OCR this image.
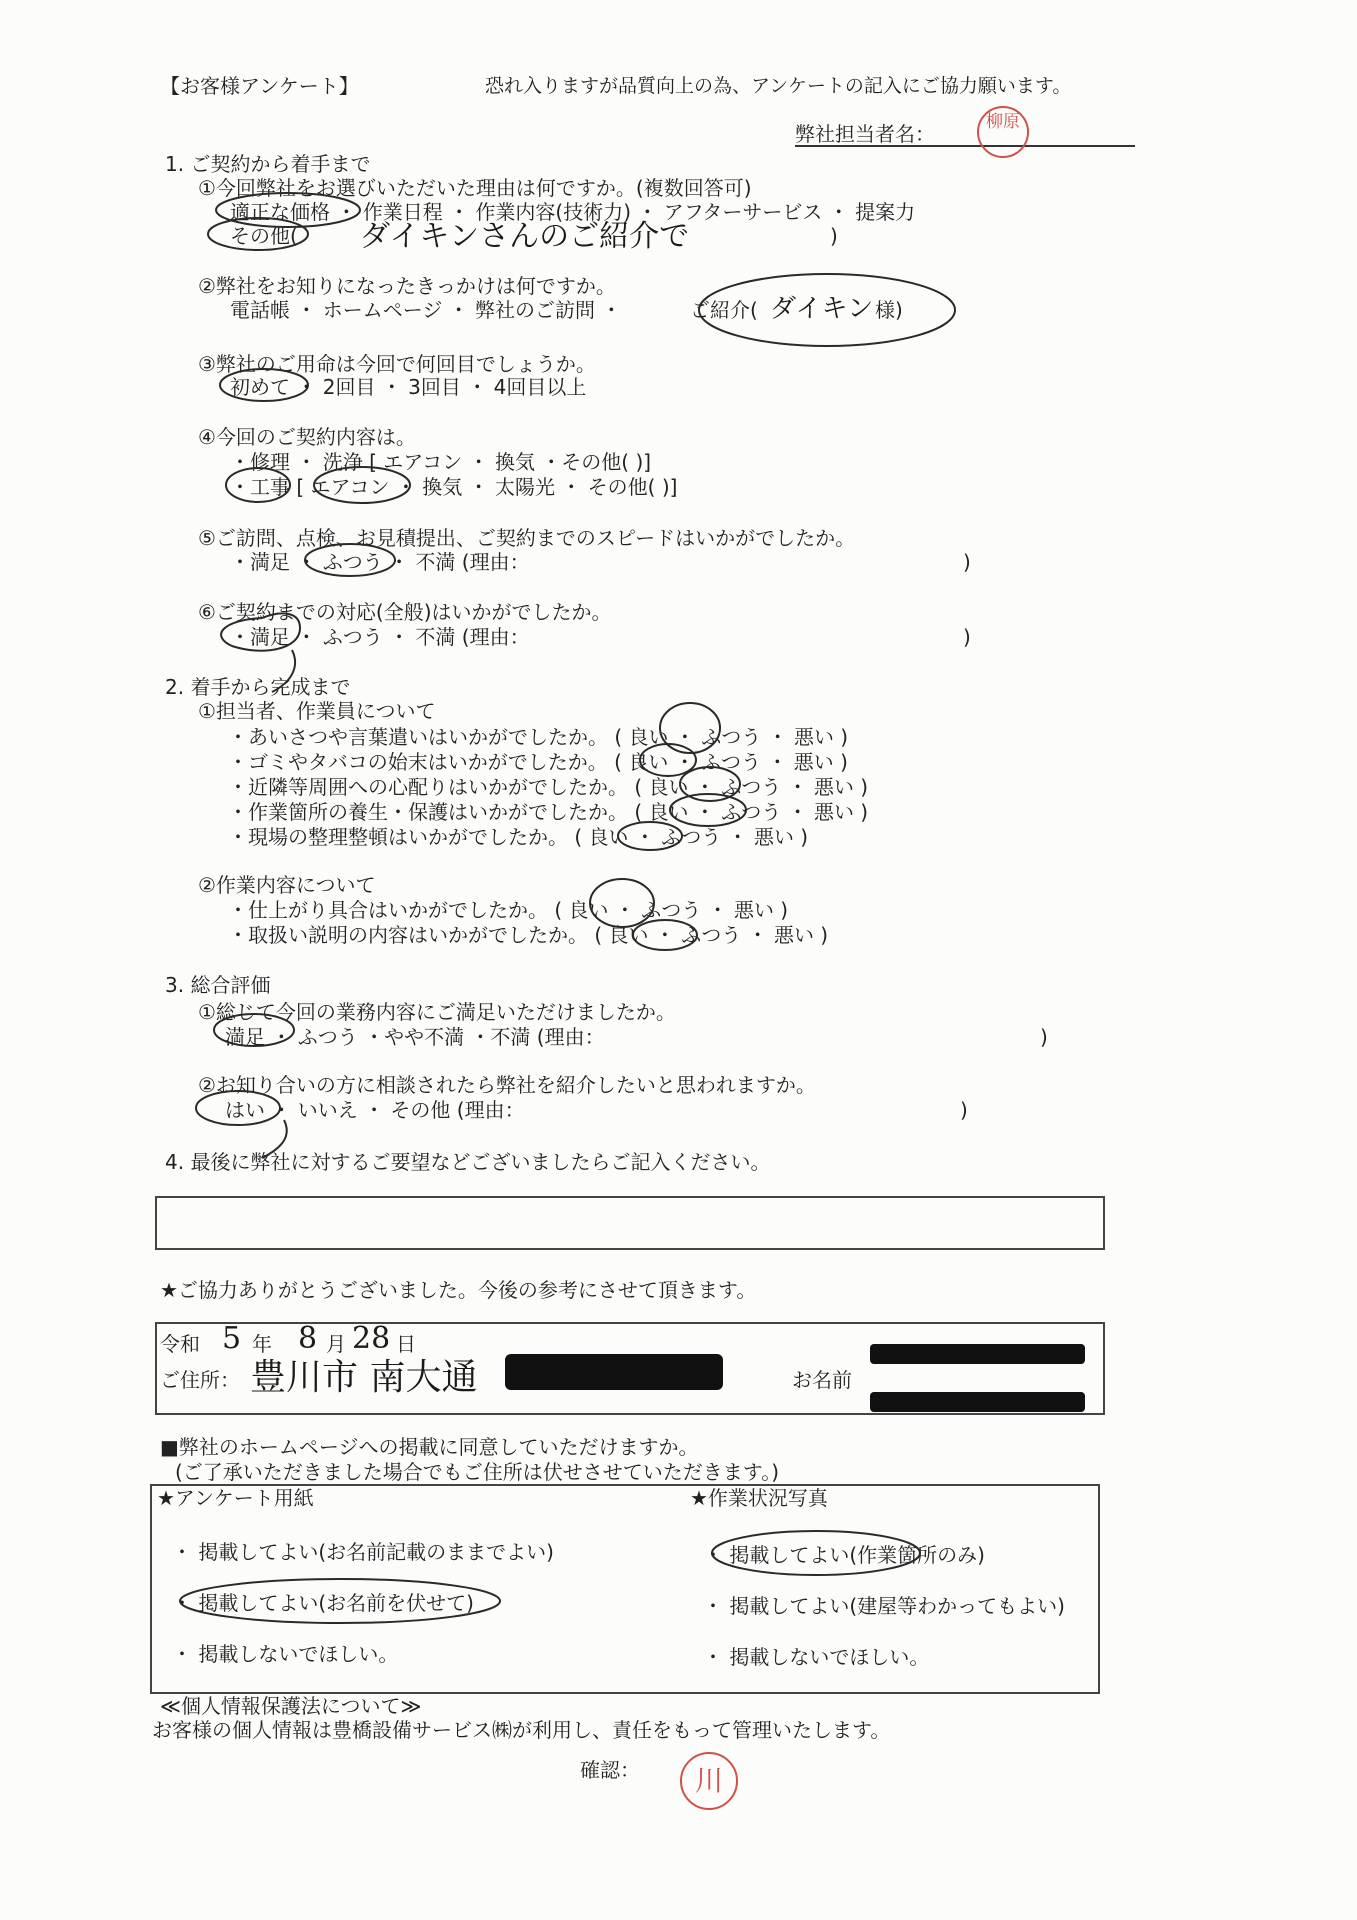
【お客様アンケート】	恐れ入りますが品質向上の為、アンケートの記入にご協力願います。
弊社担当者名：	柳原
1. ご契約から着手まで
①今回弊社をお選びいただいた理由は何ですか。(複数回答可)
適正な価格 ・ 作業日程 ・ 作業内容(技術力) ・ アフターサービス ・ 提案力
その他( ダイキンさんのご紹介で	)
②弊社をお知りになったきっかけは何ですか。
電話帳 ・ ホームページ ・ 弊社のご訪問 ・	ご紹介( ダイキン 様)
③弊社のご用命は今回で何回目でしょうか。
初めて ・ 2回目 ・ 3回目 ・ 4回目以上
④今回のご契約内容は。
・修理 ・ 洗浄 [ エアコン ・ 換気 ・その他( )]
・工事 [ エアコン ・ 換気 ・ 太陽光 ・ その他( )]
⑤ご訪問、点検、お見積提出、ご契約までのスピードはいかがでしたか。
・満足 ・ ふつう ・ 不満 (理由：	)
⑥ご契約までの対応(全般)はいかがでしたか。
・満足 ・ ふつう ・ 不満 (理由：	)
2. 着手から完成まで
①担当者、作業員について
・あいさつや言葉遣いはいかがでしたか。 ( 良い ・ ふつう ・ 悪い )
・ゴミやタバコの始末はいかがでしたか。 ( 良い ・ ふつう ・ 悪い )
・近隣等周囲への心配りはいかがでしたか。 ( 良い ・ ふつう ・ 悪い )
・作業箇所の養生・保護はいかがでしたか。 ( 良い ・ ふつう ・ 悪い )
・現場の整理整頓はいかがでしたか。 ( 良い ・ ふつう ・ 悪い )
②作業内容について
・仕上がり具合はいかがでしたか。 ( 良い ・ ふつう ・ 悪い )
・取扱い説明の内容はいかがでしたか。 ( 良い ・ ふつう ・ 悪い )
3. 総合評価
①総じて今回の業務内容にご満足いただけましたか。
満足 ・ ふつう ・やや不満 ・不満 (理由：	)
②お知り合いの方に相談されたら弊社を紹介したいと思われますか。
はい ・ いいえ ・ その他 (理由：	)
4. 最後に弊社に対するご要望などございましたらご記入ください。
★ご協力ありがとうございました。今後の参考にさせて頂きます。
令和 5 年 8 月 28 日
ご住所： 豊川市 南大通	お名前
■弊社のホームページへの掲載に同意していただけますか。
(ご了承いただきました場合でもご住所は伏せさせていただきます。)
★アンケート用紙
・ 掲載してよい(お名前記載のままでよい)
・ 掲載してよい(お名前を伏せて)
・ 掲載しないでほしい。
★作業状況写真
・ 掲載してよい(作業箇所のみ)
・ 掲載してよい(建屋等わかってもよい)
・ 掲載しないでほしい。
≪個人情報保護法について≫
お客様の個人情報は豊橋設備サービス㈱が利用し、責任をもって管理いたします。
確認：	川
